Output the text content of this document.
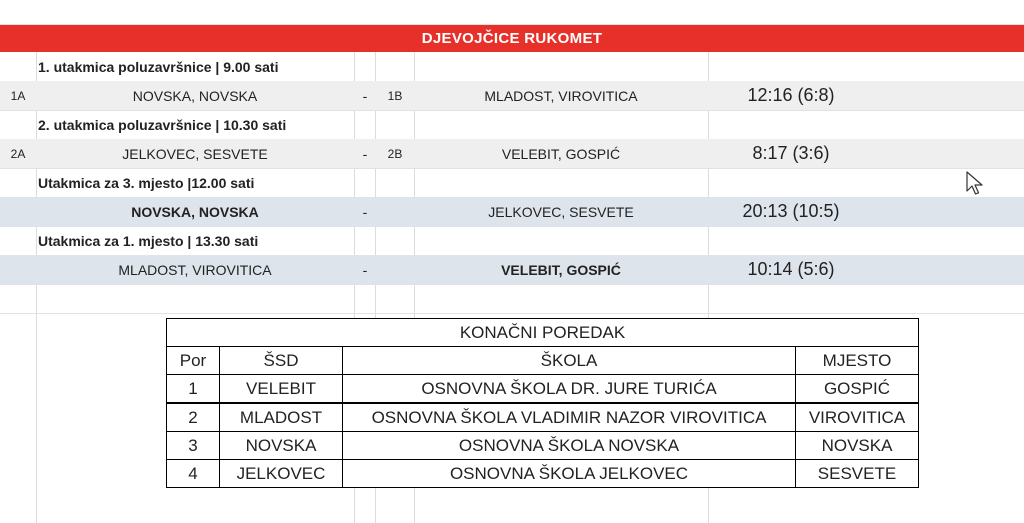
DJEVOJČICE RUKOMET
1. utakmica poluzavršnice | 9.00 sati
1A	NOVSKA, NOVSKA	-	1B	MLADOST, VIROVITICA	12:16 (6:8)
2. utakmica poluzavršnice | 10.30 sati
2A	JELKOVEC, SESVETE	-	2B	VELEBIT, GOSPIĆ	8:17 (3:6)
Utakmica za 3. mjesto |12.00 sati
NOVSKA, NOVSKA	-	JELKOVEC, SESVETE	20:13 (10:5)
Utakmica za 1. mjesto | 13.30 sati
MLADOST, VIROVITICA	-	VELEBIT, GOSPIĆ	10:14 (5:6)
KONAČNI POREDAK			
Por	ŠSD	ŠKOLA	MJESTO
1	VELEBIT	OSNOVNA ŠKOLA DR. JURE TURIĆA	GOSPIĆ
2	MLADOST	OSNOVNA ŠKOLA VLADIMIR NAZOR VIROVITICA	VIROVITICA
3	NOVSKA	OSNOVNA ŠKOLA NOVSKA	NOVSKA
4	JELKOVEC	OSNOVNA ŠKOLA JELKOVEC	SESVETE
